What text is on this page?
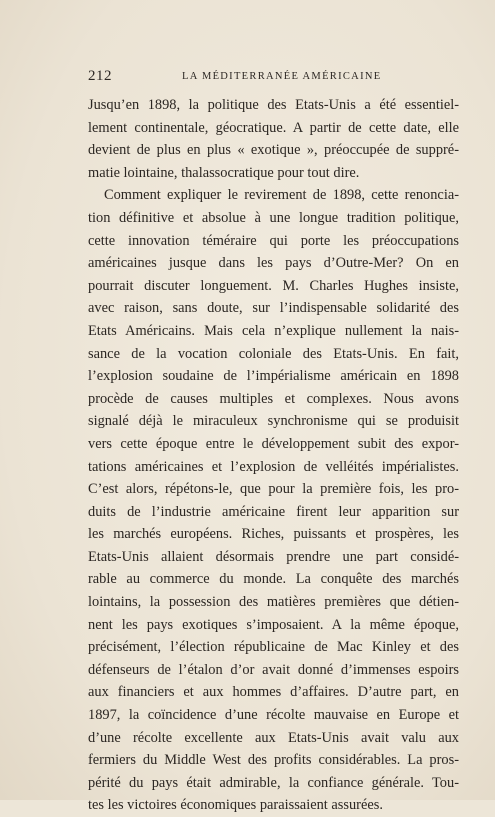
212	LA MÉDITERRANÉE AMÉRICAINE
Jusqu’en 1898, la politique des Etats-Unis a été essentiel-
lement continentale, géocratique. A partir de cette date, elle
devient de plus en plus « exotique », préoccupée de suppré-
matie lointaine, thalassocratique pour tout dire.
Comment expliquer le revirement de 1898, cette renoncia-
tion définitive et absolue à une longue tradition politique,
cette innovation téméraire qui porte les préoccupations
américaines jusque dans les pays d’Outre-Mer? On en
pourrait discuter longuement. M. Charles Hughes insiste,
avec raison, sans doute, sur l’indispensable solidarité des
Etats Américains. Mais cela n’explique nullement la nais-
sance de la vocation coloniale des Etats-Unis. En fait,
l’explosion soudaine de l’impérialisme américain en 1898
procède de causes multiples et complexes. Nous avons
signalé déjà le miraculeux synchronisme qui se produisit
vers cette époque entre le développement subit des expor-
tations américaines et l’explosion de velléités impérialistes.
C’est alors, répétons-le, que pour la première fois, les pro-
duits de l’industrie américaine firent leur apparition sur
les marchés européens. Riches, puissants et prospères, les
Etats-Unis allaient désormais prendre une part considé-
rable au commerce du monde. La conquête des marchés
lointains, la possession des matières premières que détien-
nent les pays exotiques s’imposaient. A la même époque,
précisément, l’élection républicaine de Mac Kinley et des
défenseurs de l’étalon d’or avait donné d’immenses espoirs
aux financiers et aux hommes d’affaires. D’autre part, en
1897, la coïncidence d’une récolte mauvaise en Europe et
d’une récolte excellente aux Etats-Unis avait valu aux
fermiers du Middle West des profits considérables. La pros-
périté du pays était admirable, la confiance générale. Tou-
tes les victoires économiques paraissaient assurées.
